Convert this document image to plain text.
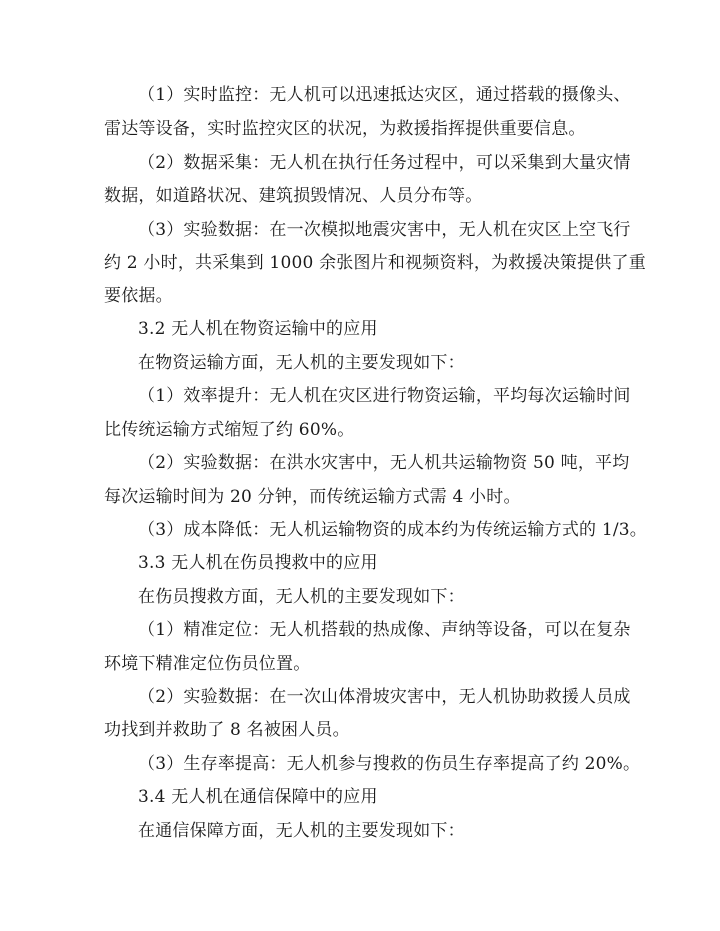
（1）实时监控：无人机可以迅速抵达灾区，通过搭载的摄像头、
雷达等设备，实时监控灾区的状况，为救援指挥提供重要信息。
（2）数据采集：无人机在执行任务过程中，可以采集到大量灾情
数据，如道路状况、建筑损毁情况、人员分布等。
（3）实验数据：在一次模拟地震灾害中，无人机在灾区上空飞行
约 2 小时，共采集到 1000 余张图片和视频资料，为救援决策提供了重
要依据。
3.2 无人机在物资运输中的应用
在物资运输方面，无人机的主要发现如下：
（1）效率提升：无人机在灾区进行物资运输，平均每次运输时间
比传统运输方式缩短了约 60%。
（2）实验数据：在洪水灾害中，无人机共运输物资 50 吨，平均
每次运输时间为 20 分钟，而传统运输方式需 4 小时。
（3）成本降低：无人机运输物资的成本约为传统运输方式的 1/3。
3.3 无人机在伤员搜救中的应用
在伤员搜救方面，无人机的主要发现如下：
（1）精准定位：无人机搭载的热成像、声纳等设备，可以在复杂
环境下精准定位伤员位置。
（2）实验数据：在一次山体滑坡灾害中，无人机协助救援人员成
功找到并救助了 8 名被困人员。
（3）生存率提高：无人机参与搜救的伤员生存率提高了约 20%。
3.4 无人机在通信保障中的应用
在通信保障方面，无人机的主要发现如下：
